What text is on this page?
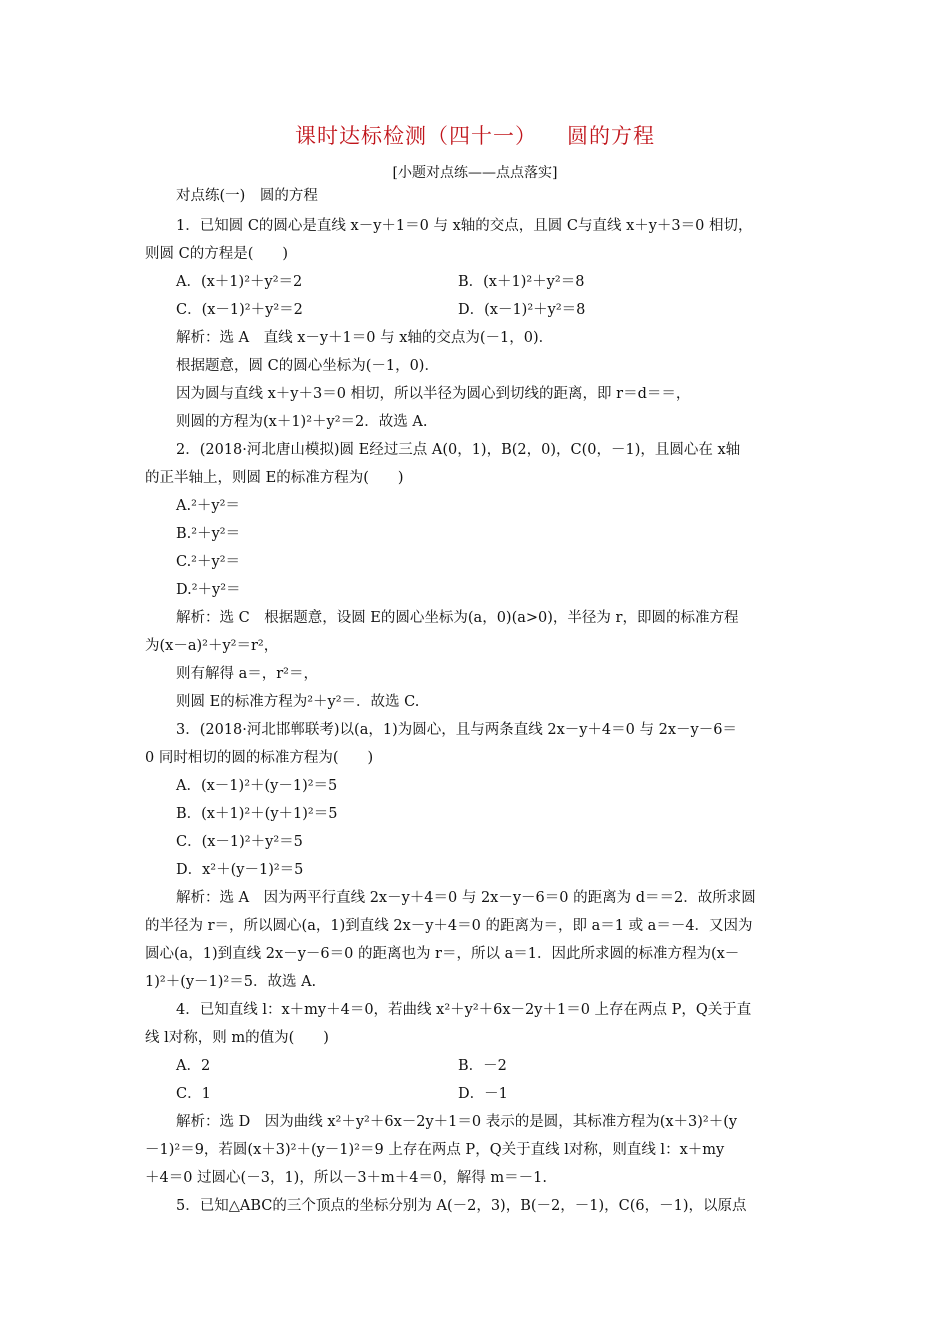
课时达标检测（四十一） 圆的方程
[小题对点练——点点落实]
对点练(一)　圆的方程
1．已知圆 C的圆心是直线 x－y＋1＝0 与 x轴的交点，且圆 C与直线 x＋y＋3＝0 相切，
则圆 C的方程是(　　)
A．(x＋1)²＋y²＝2	B．(x＋1)²＋y²＝8
C．(x－1)²＋y²＝2	D．(x－1)²＋y²＝8
解析：选 A　直线 x－y＋1＝0 与 x轴的交点为(－1，0)．
根据题意，圆 C的圆心坐标为(－1，0)．
因为圆与直线 x＋y＋3＝0 相切，所以半径为圆心到切线的距离，即 r＝d＝＝，
则圆的方程为(x＋1)²＋y²＝2．故选 A.
2．(2018·河北唐山模拟)圆 E经过三点 A(0，1)，B(2，0)，C(0，－1)，且圆心在 x轴
的正半轴上，则圆 E的标准方程为(　　)
A.²＋y²＝
B.²＋y²＝
C.²＋y²＝
D.²＋y²＝
解析：选 C　根据题意，设圆 E的圆心坐标为(a，0)(a>0)，半径为 r，即圆的标准方程
为(x－a)²＋y²＝r²，
则有解得 a＝，r²＝，
则圆 E的标准方程为²＋y²＝．故选 C.
3．(2018·河北邯郸联考)以(a，1)为圆心，且与两条直线 2x－y＋4＝0 与 2x－y－6＝
0 同时相切的圆的标准方程为(　　)
A．(x－1)²＋(y－1)²＝5
B．(x＋1)²＋(y＋1)²＝5
C．(x－1)²＋y²＝5
D．x²＋(y－1)²＝5
解析：选 A　因为两平行直线 2x－y＋4＝0 与 2x－y－6＝0 的距离为 d＝＝2．故所求圆
的半径为 r＝，所以圆心(a，1)到直线 2x－y＋4＝0 的距离为＝，即 a＝1 或 a＝－4．又因为
圆心(a，1)到直线 2x－y－6＝0 的距离也为 r＝，所以 a＝1．因此所求圆的标准方程为(x－
1)²＋(y－1)²＝5．故选 A.
4．已知直线 l：x＋my＋4＝0，若曲线 x²＋y²＋6x－2y＋1＝0 上存在两点 P，Q关于直
线 l对称，则 m的值为(　　)
A．2	B．－2
C．1	D．－1
解析：选 D　因为曲线 x²＋y²＋6x－2y＋1＝0 表示的是圆，其标准方程为(x＋3)²＋(y
－1)²＝9，若圆(x＋3)²＋(y－1)²＝9 上存在两点 P，Q关于直线 l对称，则直线 l：x＋my
＋4＝0 过圆心(－3，1)，所以－3＋m＋4＝0，解得 m＝－1.
5．已知△ABC的三个顶点的坐标分别为 A(－2，3)，B(－2，－1)，C(6，－1)，以原点
